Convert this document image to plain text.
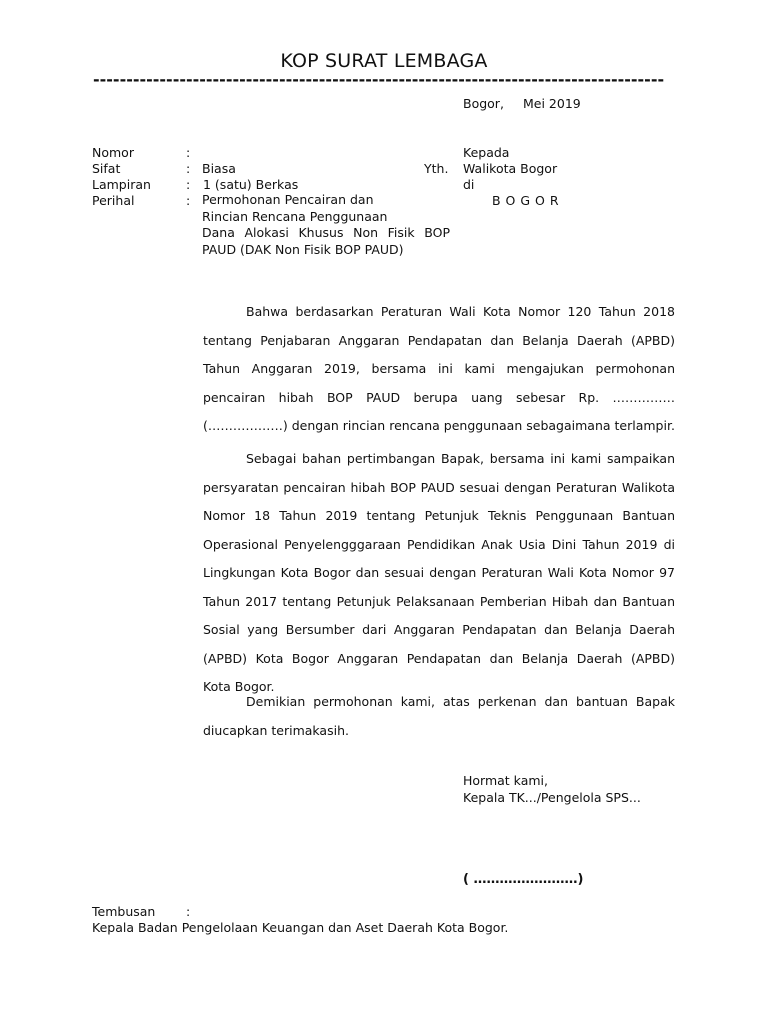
KOP SURAT LEMBAGA
--------------------------------------------------------------------------------------
Bogor, Mei 2019
Nomor	:
Sifat	: Biasa
Lampiran	: 1 (satu) Berkas
Perihal	: Permohonan Pencairan dan
Rincian Rencana Penggunaan
Dana Alokasi Khusus Non Fisik BOP
PAUD (DAK Non Fisik BOP PAUD)
Kepada
Yth. Walikota Bogor
di
B O G O R
Bahwa berdasarkan Peraturan Wali Kota Nomor 120 Tahun 2018
tentang Penjabaran Anggaran Pendapatan dan Belanja Daerah (APBD)
Tahun Anggaran 2019, bersama ini kami mengajukan permohonan
pencairan hibah BOP PAUD berupa uang sebesar Rp. ……………
(………………) dengan rincian rencana penggunaan sebagaimana terlampir.
Sebagai bahan pertimbangan Bapak, bersama ini kami sampaikan
persyaratan pencairan hibah BOP PAUD sesuai dengan Peraturan Walikota
Nomor 18 Tahun 2019 tentang Petunjuk Teknis Penggunaan Bantuan
Operasional Penyelengggaraan Pendidikan Anak Usia Dini Tahun 2019 di
Lingkungan Kota Bogor dan sesuai dengan Peraturan Wali Kota Nomor 97
Tahun 2017 tentang Petunjuk Pelaksanaan Pemberian Hibah dan Bantuan
Sosial yang Bersumber dari Anggaran Pendapatan dan Belanja Daerah
(APBD) Kota Bogor Anggaran Pendapatan dan Belanja Daerah (APBD)
Kota Bogor.
Demikian permohonan kami, atas perkenan dan bantuan Bapak
diucapkan terimakasih.
Hormat kami,
Kepala TK.../Pengelola SPS...
( ……………………)
Tembusan :
Kepala Badan Pengelolaan Keuangan dan Aset Daerah Kota Bogor.
